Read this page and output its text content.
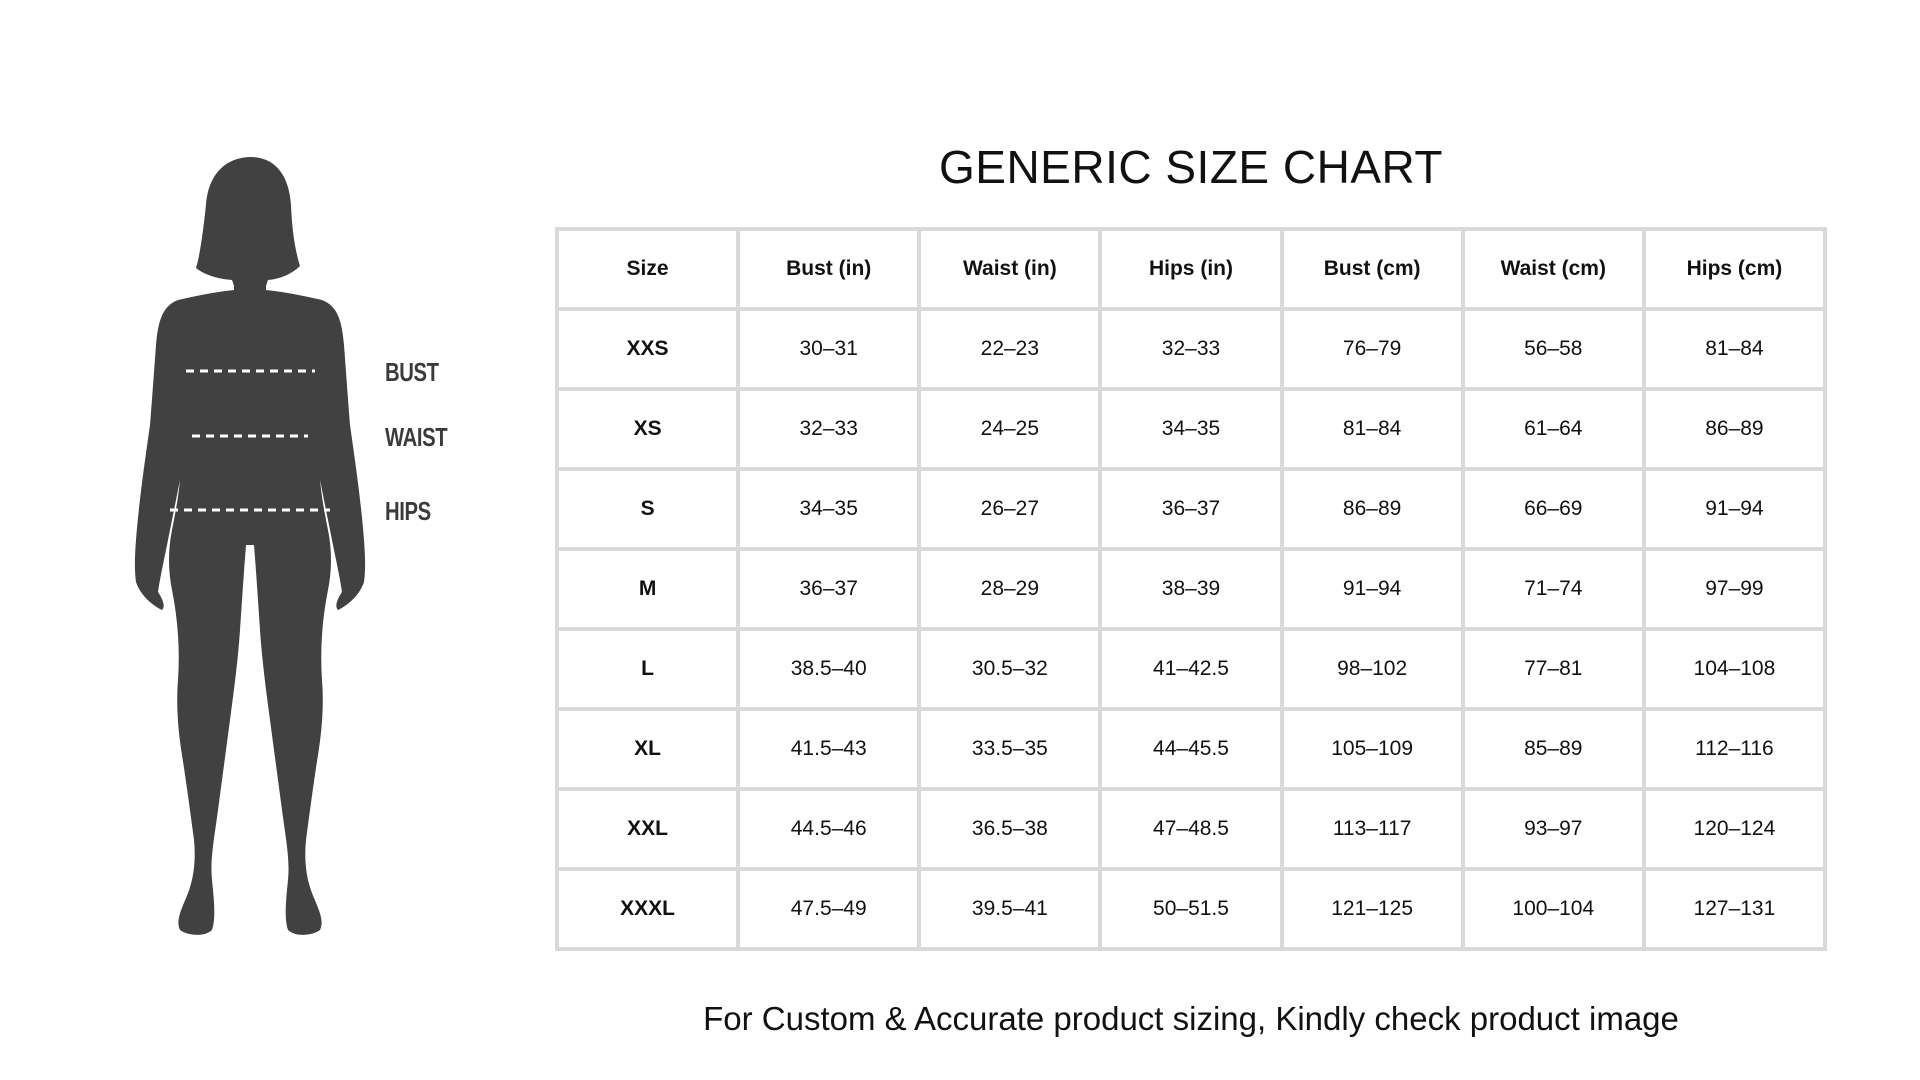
BUST
WAIST
HIPS
GENERIC SIZE CHART
Size	Bust (in)	Waist (in)	Hips (in)	Bust (cm)	Waist (cm)	Hips (cm)
XXS	30–31	22–23	32–33	76–79	56–58	81–84
XS	32–33	24–25	34–35	81–84	61–64	86–89
S	34–35	26–27	36–37	86–89	66–69	91–94
M	36–37	28–29	38–39	91–94	71–74	97–99
L	38.5–40	30.5–32	41–42.5	98–102	77–81	104–108
XL	41.5–43	33.5–35	44–45.5	105–109	85–89	112–116
XXL	44.5–46	36.5–38	47–48.5	113–117	93–97	120–124
XXXL	47.5–49	39.5–41	50–51.5	121–125	100–104	127–131
For Custom & Accurate product sizing, Kindly check product image
